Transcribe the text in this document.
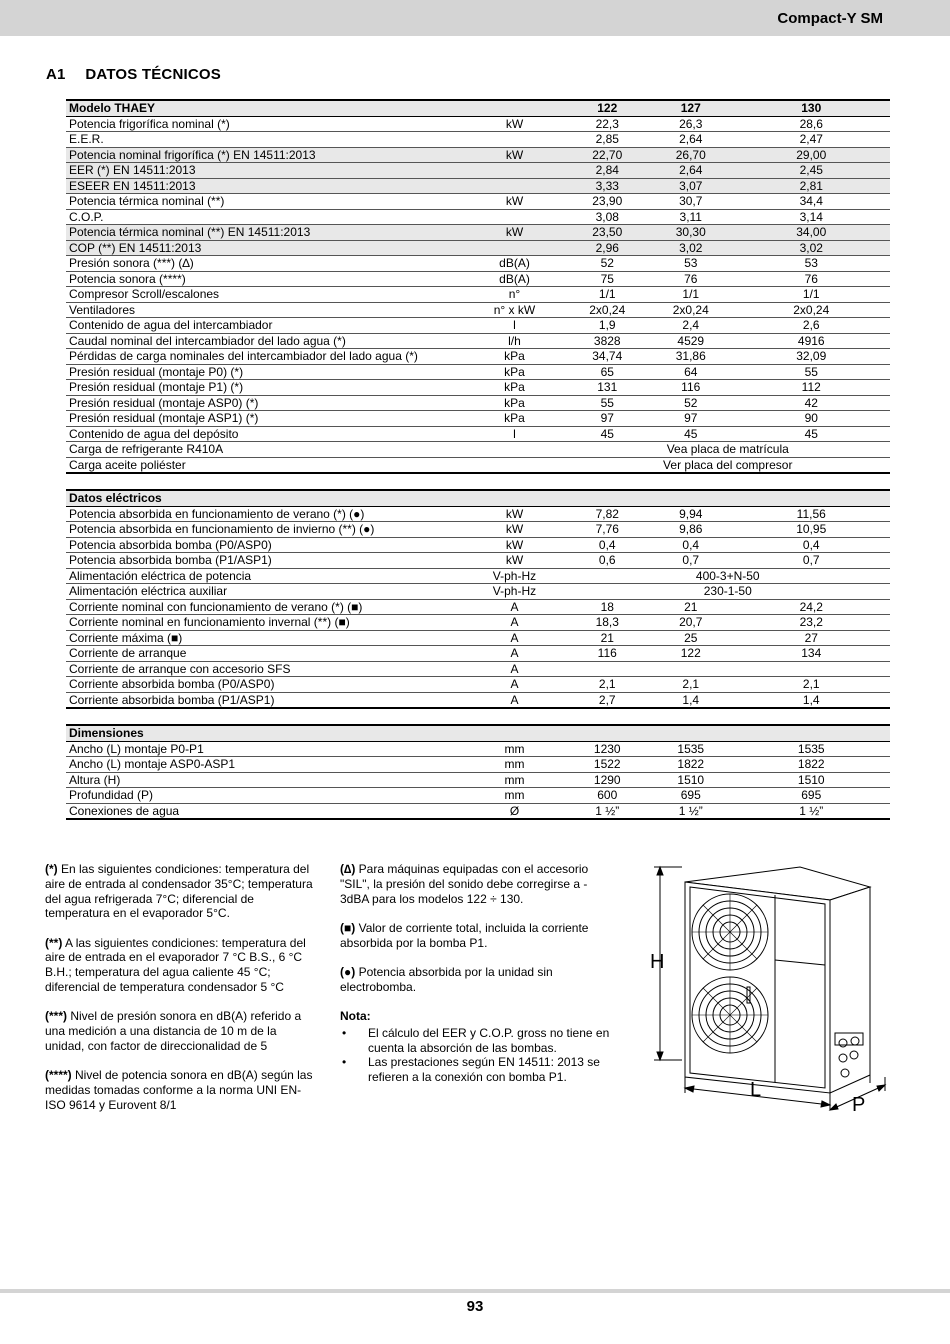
Compact-Y SM
A1 DATOS TÉCNICOS
Modelo THAEY		122	127	130
Potencia frigorífica nominal (*)	kW	22,3	26,3	28,6
E.E.R.		2,85	2,64	2,47
Potencia nominal frigorífica (*) EN 14511:2013	kW	22,70	26,70	29,00
EER (*) EN 14511:2013		2,84	2,64	2,45
ESEER EN 14511:2013		3,33	3,07	2,81
Potencia térmica nominal (**)	kW	23,90	30,7	34,4
C.O.P.		3,08	3,11	3,14
Potencia térmica nominal (**) EN 14511:2013	kW	23,50	30,30	34,00
COP (**) EN 14511:2013		2,96	3,02	3,02
Presión sonora (***) (∆)	dB(A)	52	53	53
Potencia sonora (****)	dB(A)	75	76	76
Compresor Scroll/escalones	n°	1/1	1/1	1/1
Ventiladores	n° x kW	2x0,24	2x0,24	2x0,24
Contenido de agua del intercambiador	l	1,9	2,4	2,6
Caudal nominal del intercambiador del lado agua (*)	l/h	3828	4529	4916
Pérdidas de carga nominales del intercambiador del lado agua (*)	kPa	34,74	31,86	32,09
Presión residual (montaje P0) (*)	kPa	65	64	55
Presión residual (montaje P1) (*)	kPa	131	116	112
Presión residual (montaje ASP0) (*)	kPa	55	52	42
Presión residual (montaje ASP1) (*)	kPa	97	97	90
Contenido de agua del depósito	l	45	45	45
Carga de refrigerante R410A		Vea placa de matrícula		
Carga aceite poliéster		Ver placa del compresor		

Datos eléctricos				
Potencia absorbida en funcionamiento de verano (*) (●)	kW	7,82	9,94	11,56
Potencia absorbida en funcionamiento de invierno (**) (●)	kW	7,76	9,86	10,95
Potencia absorbida bomba (P0/ASP0)	kW	0,4	0,4	0,4
Potencia absorbida bomba (P1/ASP1)	kW	0,6	0,7	0,7
Alimentación eléctrica de potencia	V-ph-Hz	400-3+N-50		
Alimentación eléctrica auxiliar	V-ph-Hz	230-1-50		
Corriente nominal con funcionamiento de verano (*) (■)	A	18	21	24,2
Corriente nominal en funcionamiento invernal (**) (■)	A	18,3	20,7	23,2
Corriente máxima (■)	A	21	25	27
Corriente de arranque	A	116	122	134
Corriente de arranque con accesorio SFS	A			
Corriente absorbida bomba (P0/ASP0)	A	2,1	2,1	2,1
Corriente absorbida bomba (P1/ASP1)	A	2,7	1,4	1,4

Dimensiones				
Ancho (L) montaje P0-P1	mm	1230	1535	1535
Ancho (L) montaje ASP0-ASP1	mm	1522	1822	1822
Altura (H)	mm	1290	1510	1510
Profundidad (P)	mm	600	695	695
Conexiones de agua	Ø	1 ½”	1 ½”	1 ½”

(*) En las siguientes condiciones: temperatura del aire de entrada al condensador 35°C; temperatura del agua refrigerada 7°C; diferencial de temperatura en el evaporador 5°C.

(**) A las siguientes condiciones: temperatura del aire de entrada en el evaporador 7 °C B.S., 6 °C B.H.; temperatura del agua caliente 45 °C; diferencial de temperatura condensador 5 °C

(***) Nivel de presión sonora en dB(A) referido a una medición a una distancia de 10 m de la unidad, con factor de direccionalidad de 5

(****) Nivel de potencia sonora en dB(A) según las medidas tomadas conforme a la norma UNI EN-ISO 9614 y Eurovent 8/1

(∆) Para máquinas equipadas con el accesorio "SIL", la presión del sonido debe corregirse a - 3dBA para los modelos 122 ÷ 130.

(■) Valor de corriente total, incluida la corriente absorbida por la bomba P1.

(●) Potencia absorbida por la unidad sin electrobomba.

Nota:

• El cálculo del EER y C.O.P. gross no tiene en cuenta la absorción de las bombas.

• Las prestaciones según EN 14511: 2013 se refieren a la conexión con bomba P1.

H
L
P
93
